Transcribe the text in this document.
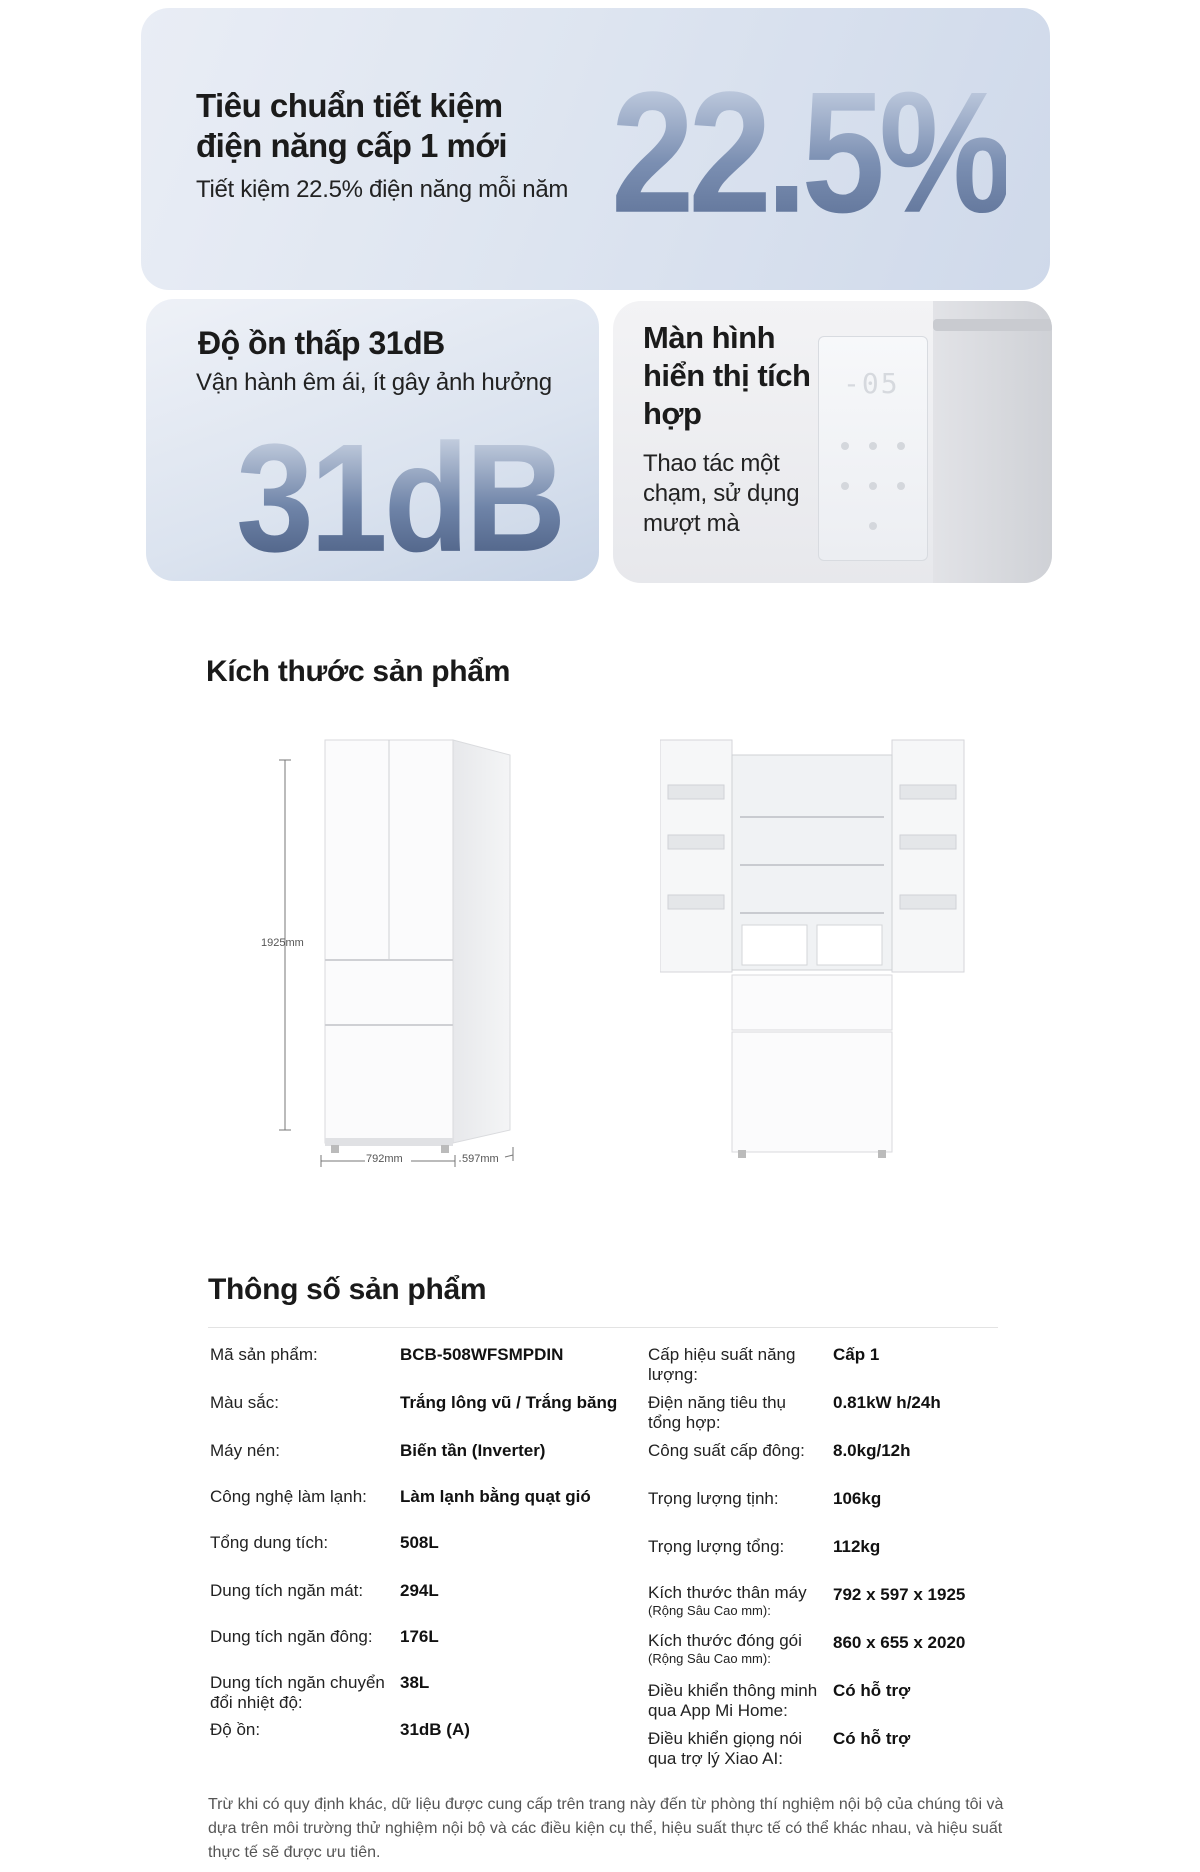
Tiêu chuẩn tiết kiệm điện năng cấp 1 mới
Tiết kiệm 22.5% điện năng mỗi năm 22.5%
Độ ồn thấp 31dB
Vận hành êm ái, ít gây ảnh hưởng
31dB
Màn hình hiển thị tích hợp
Thao tác một chạm, sử dụng mượt mà
-05
Kích thước sản phẩm
1925mm
792mm	597mm
Thông số sản phẩm
Mã sản phẩm:	BCB-508WFSMPDIN
Màu sắc:	Trắng lông vũ / Trắng băng
Máy nén:	Biến tần (Inverter)
Công nghệ làm lạnh: Làm lạnh bằng quạt gió
Tổng dung tích:	508L
Dung tích ngăn mát: 294L
Dung tích ngăn đông: 176L
Dung tích ngăn chuyển đổi nhiệt độ:
38L
Độ ồn:	31dB (A)
Cấp hiệu suất năng lượng:
Cấp 1
Điện năng tiêu thụ tổng hợp:
0.81kW h/24h
Công suất cấp đông: 8.0kg/12h
Trọng lượng tịnh:	106kg
Trọng lượng tổng:	112kg
Kích thước thân máy
(Rộng Sâu Cao mm):
792 x 597 x 1925
Kích thước đóng gói
(Rộng Sâu Cao mm):
860 x 655 x 2020
Điều khiển thông minh qua App Mi Home:
Có hỗ trợ
Điều khiển giọng nói qua trợ lý Xiao AI:
Có hỗ trợ
Trừ khi có quy định khác, dữ liệu được cung cấp trên trang này đến từ phòng thí nghiệm nội bộ của chúng tôi và dựa trên môi trường thử nghiệm nội bộ và các điều kiện cụ thể, hiệu suất thực tế có thể khác nhau, và hiệu suất thực tế sẽ được ưu tiên.
